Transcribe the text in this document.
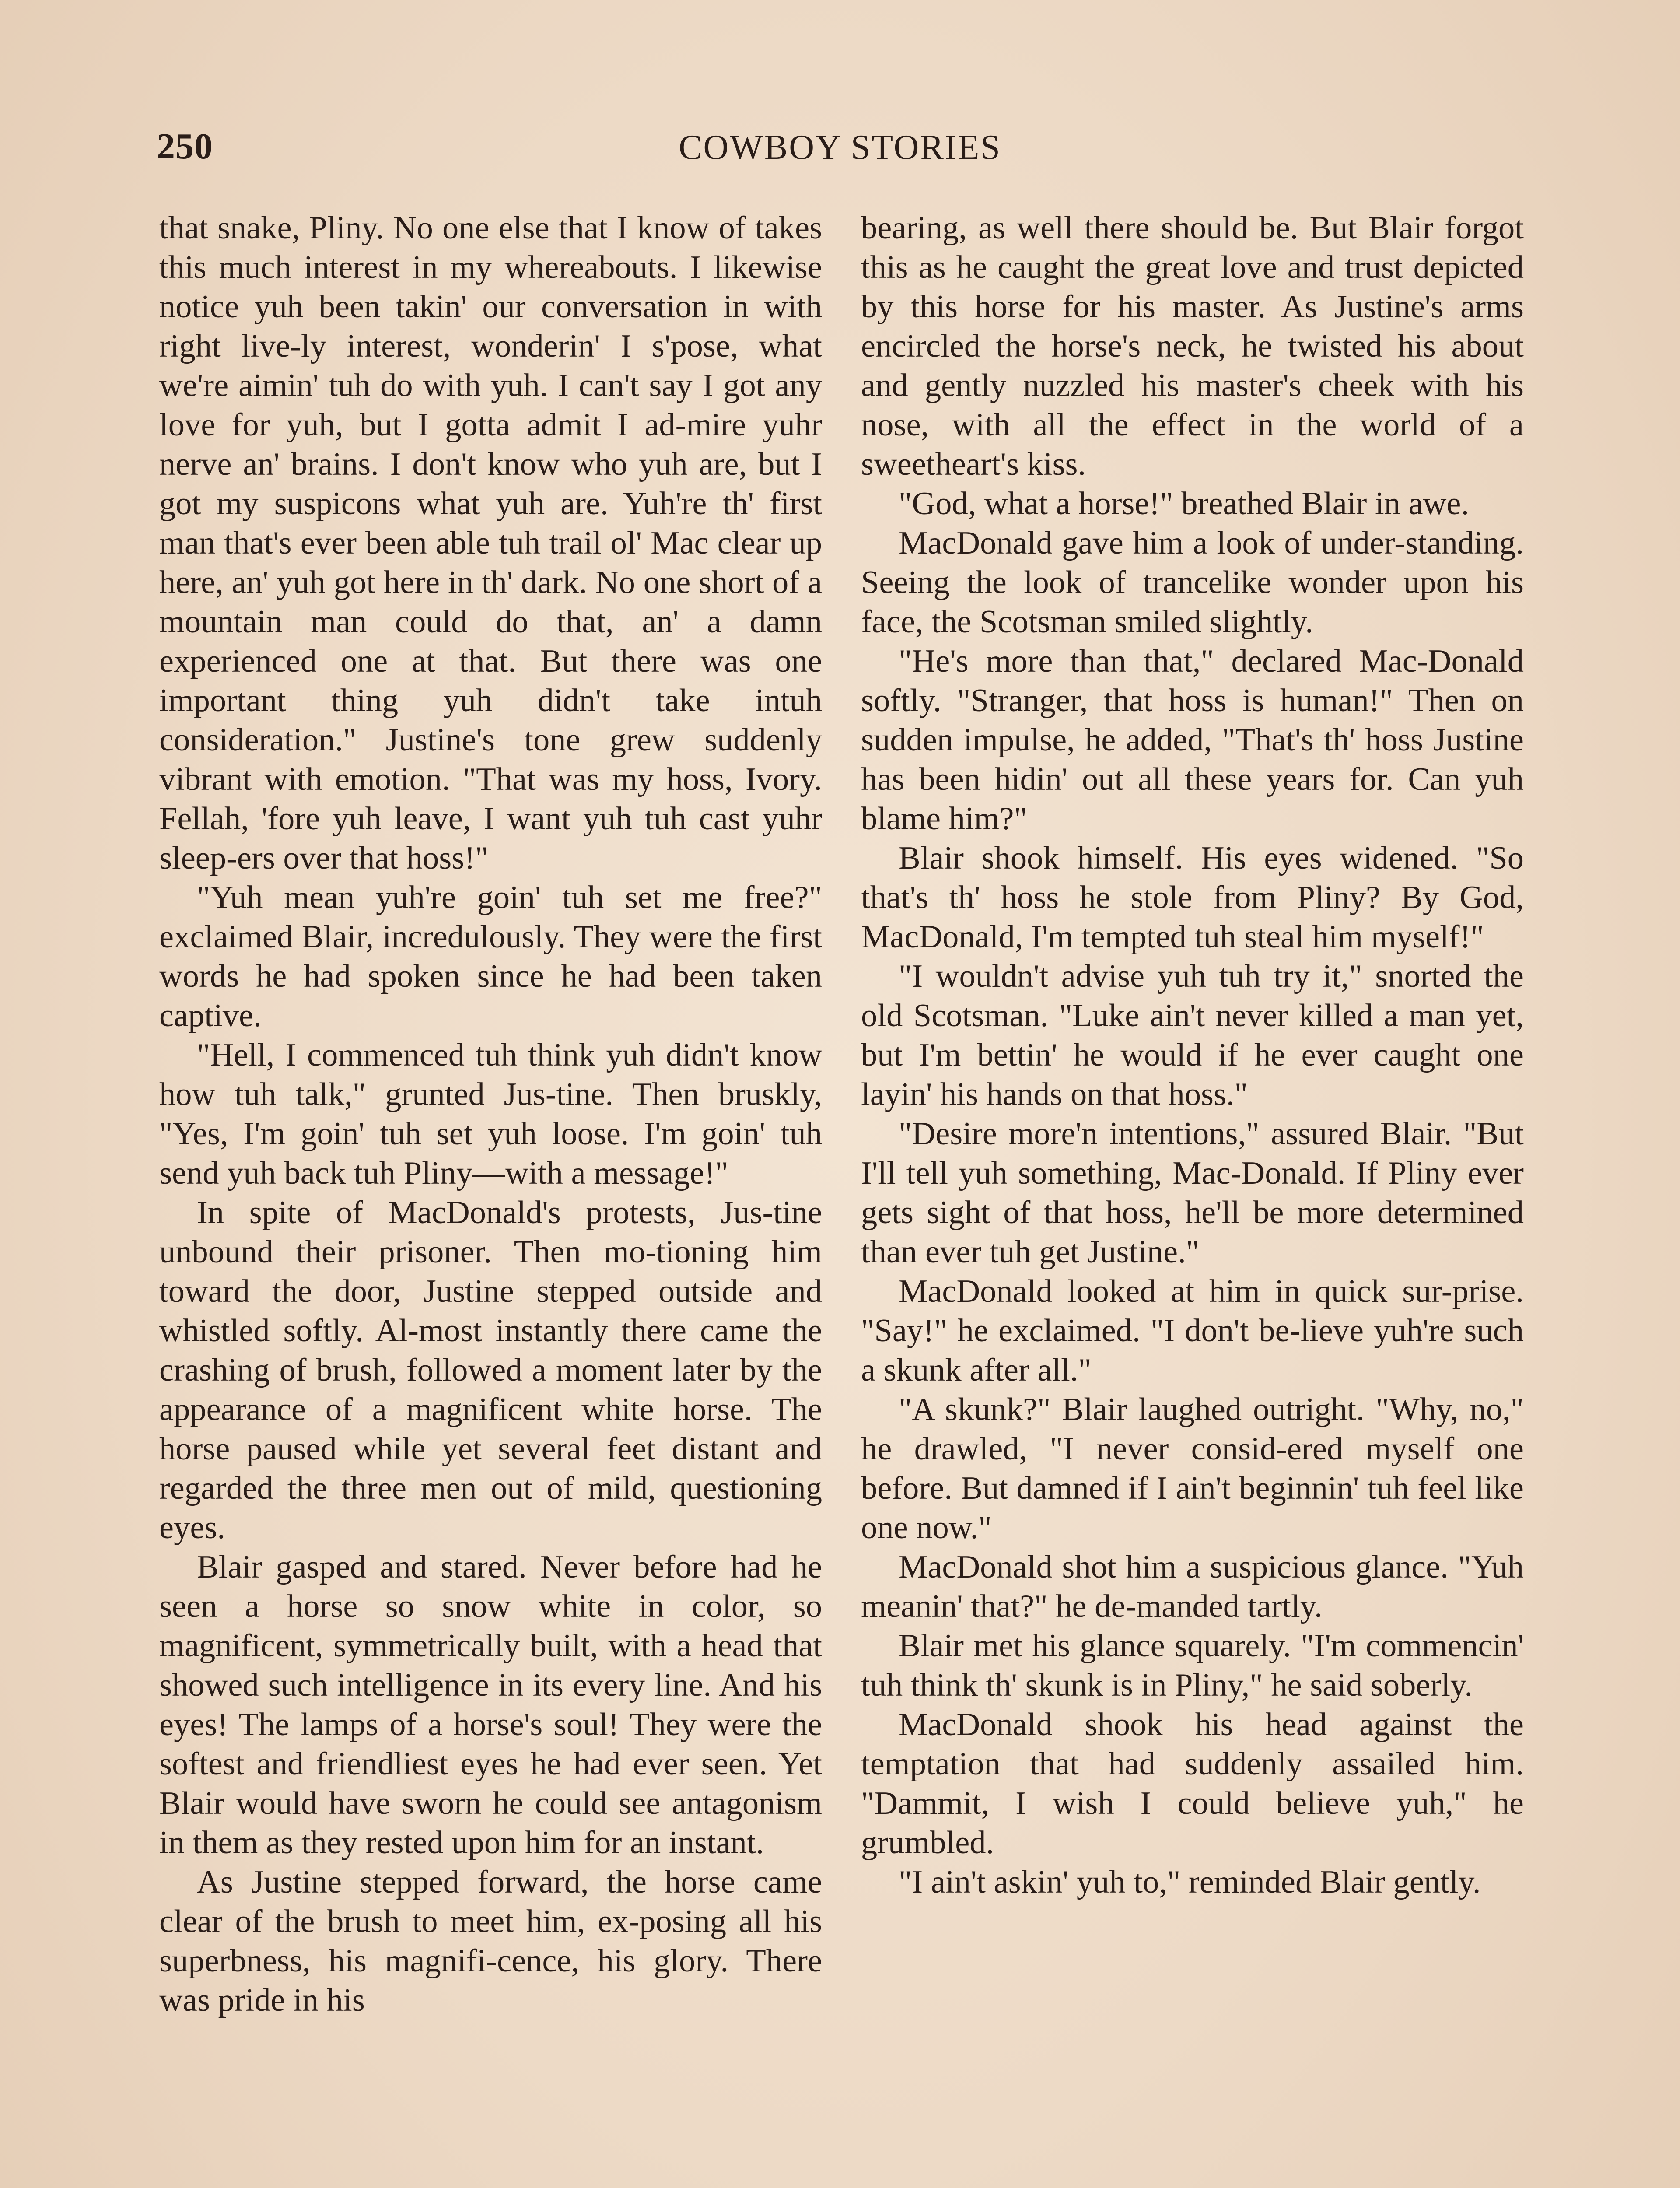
250	COWBOY STORIES

that snake, Pliny. No one else that I know of takes this much interest in my whereabouts. I likewise notice yuh been takin' our conversation in with right live-ly interest, wonderin' I s'pose, what we're aimin' tuh do with yuh. I can't say I got any love for yuh, but I gotta admit I ad-mire yuhr nerve an' brains. I don't know who yuh are, but I got my suspicons what yuh are. Yuh're th' first man that's ever been able tuh trail ol' Mac clear up here, an' yuh got here in th' dark. No one short of a mountain man could do that, an' a damn experienced one at that. But there was one important thing yuh didn't take intuh consideration." Justine's tone grew suddenly vibrant with emotion. "That was my hoss, Ivory. Fellah, 'fore yuh leave, I want yuh tuh cast yuhr sleep-ers over that hoss!"

"Yuh mean yuh're goin' tuh set me free?" exclaimed Blair, incredulously. They were the first words he had spoken since he had been taken captive.

"Hell, I commenced tuh think yuh didn't know how tuh talk," grunted Jus-tine. Then bruskly, "Yes, I'm goin' tuh set yuh loose. I'm goin' tuh send yuh back tuh Pliny—with a message!"

In spite of MacDonald's protests, Jus-tine unbound their prisoner. Then mo-tioning him toward the door, Justine stepped outside and whistled softly. Al-most instantly there came the crashing of brush, followed a moment later by the appearance of a magnificent white horse. The horse paused while yet several feet distant and regarded the three men out of mild, questioning eyes.

Blair gasped and stared. Never before had he seen a horse so snow white in color, so magnificent, symmetrically built, with a head that showed such intelligence in its every line. And his eyes! The lamps of a horse's soul! They were the softest and friendliest eyes he had ever seen. Yet Blair would have sworn he could see antagonism in them as they rested upon him for an instant.

As Justine stepped forward, the horse came clear of the brush to meet him, ex-posing all his superbness, his magnifi-cence, his glory. There was pride in his

bearing, as well there should be. But Blair forgot this as he caught the great love and trust depicted by this horse for his master. As Justine's arms encircled the horse's neck, he twisted his about and gently nuzzled his master's cheek with his nose, with all the effect in the world of a sweetheart's kiss.

"God, what a horse!" breathed Blair in awe.

MacDonald gave him a look of under-standing. Seeing the look of trancelike wonder upon his face, the Scotsman smiled slightly.

"He's more than that," declared Mac-Donald softly. "Stranger, that hoss is human!" Then on sudden impulse, he added, "That's th' hoss Justine has been hidin' out all these years for. Can yuh blame him?"

Blair shook himself. His eyes widened. "So that's th' hoss he stole from Pliny? By God, MacDonald, I'm tempted tuh steal him myself!"

"I wouldn't advise yuh tuh try it," snorted the old Scotsman. "Luke ain't never killed a man yet, but I'm bettin' he would if he ever caught one layin' his hands on that hoss."

"Desire more'n intentions," assured Blair. "But I'll tell yuh something, Mac-Donald. If Pliny ever gets sight of that hoss, he'll be more determined than ever tuh get Justine."

MacDonald looked at him in quick sur-prise. "Say!" he exclaimed. "I don't be-lieve yuh're such a skunk after all."

"A skunk?" Blair laughed outright. "Why, no," he drawled, "I never consid-ered myself one before. But damned if I ain't beginnin' tuh feel like one now."

MacDonald shot him a suspicious glance. "Yuh meanin' that?" he de-manded tartly.

Blair met his glance squarely. "I'm commencin' tuh think th' skunk is in Pliny," he said soberly.

MacDonald shook his head against the temptation that had suddenly assailed him. "Dammit, I wish I could believe yuh," he grumbled.

"I ain't askin' yuh to," reminded Blair gently.
